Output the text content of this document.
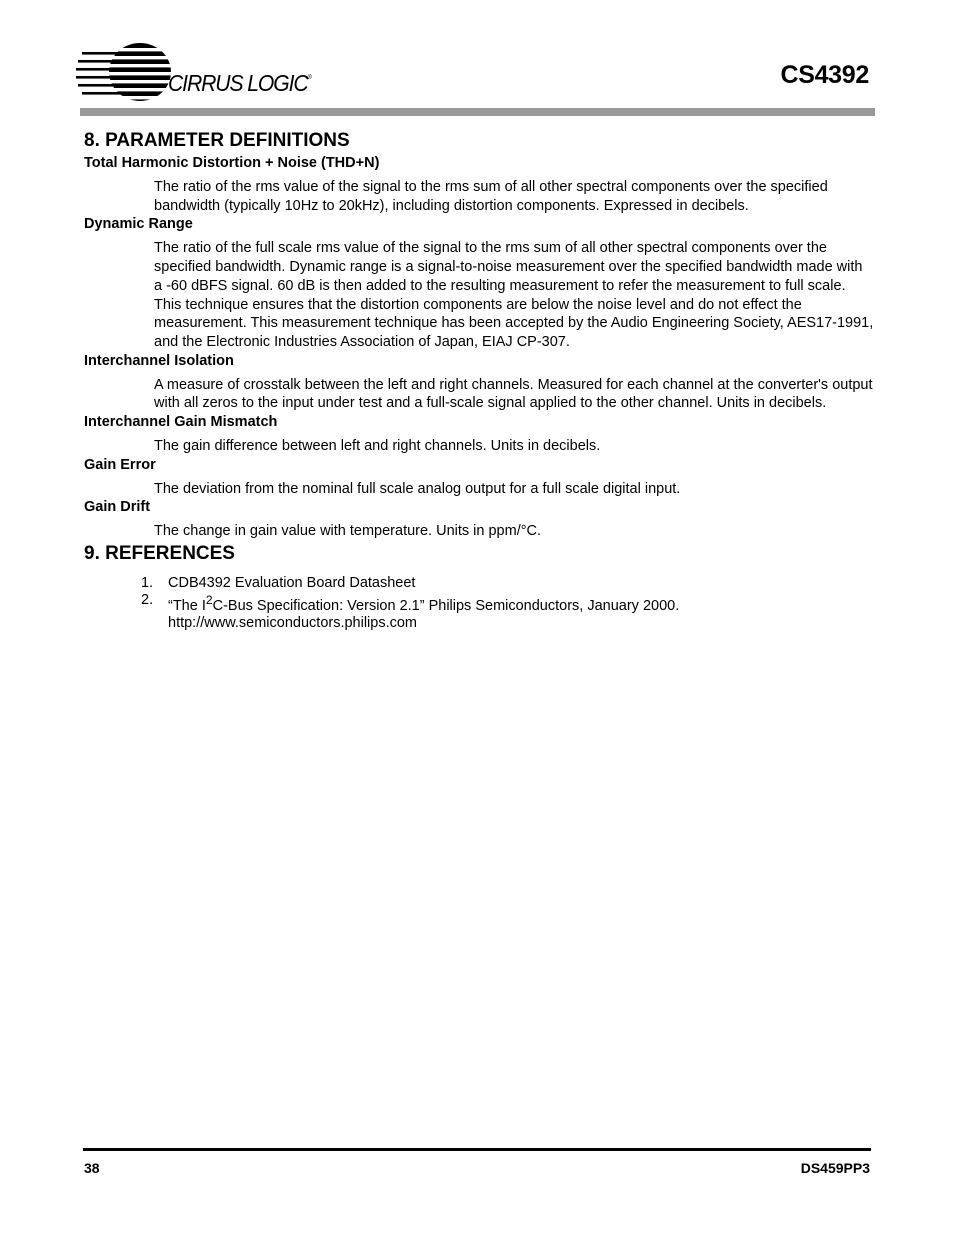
CIRRUS LOGIC®	CS4392
8. PARAMETER DEFINITIONS
Total Harmonic Distortion + Noise (THD+N)

The ratio of the rms value of the signal to the rms sum of all other spectral components over the specified bandwidth (typically 10Hz to 20kHz), including distortion components. Expressed in decibels.

Dynamic Range

The ratio of the full scale rms value of the signal to the rms sum of all other spectral components over the specified bandwidth. Dynamic range is a signal-to-noise measurement over the specified bandwidth made with a -60 dBFS signal. 60 dB is then added to the resulting measurement to refer the measurement to full scale. This technique ensures that the distortion components are below the noise level and do not effect the measurement. This measurement technique has been accepted by the Audio Engineering Society, AES17-1991, and the Electronic Industries Association of Japan, EIAJ CP-307.

Interchannel Isolation

A measure of crosstalk between the left and right channels. Measured for each channel at the converter's output with all zeros to the input under test and a full-scale signal applied to the other channel. Units in decibels.

Interchannel Gain Mismatch

The gain difference between left and right channels. Units in decibels.

Gain Error

The deviation from the nominal full scale analog output for a full scale digital input.

Gain Drift

The change in gain value with temperature. Units in ppm/°C.

9. REFERENCES
1. CDB4392 Evaluation Board Datasheet
2. “The $I^2C$-Bus Specification: Version 2.1” Philips Semiconductors, January 2000.
http://www.semiconductors.philips.com
38	DS459PP3
